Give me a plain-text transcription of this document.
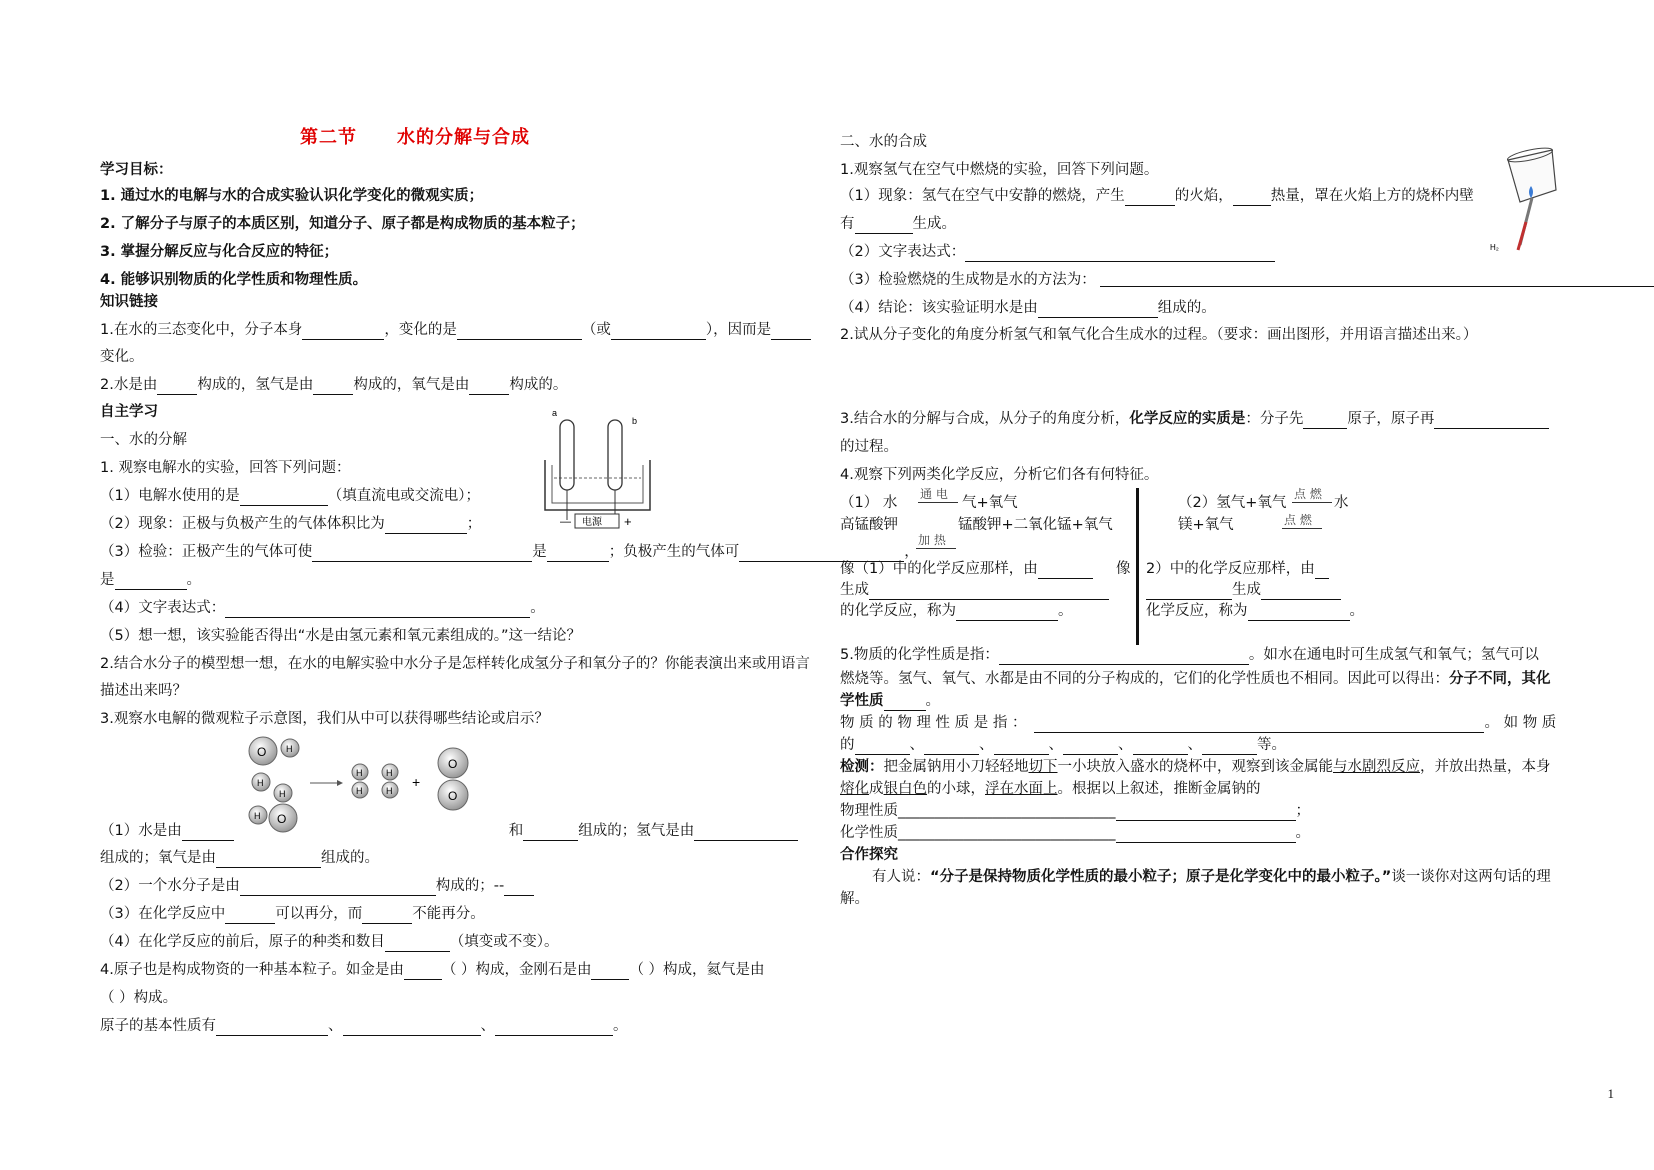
第二节 水的分解与合成
学习目标：
1. 通过水的电解与水的合成实验认识化学变化的微观实质；
2. 了解分子与原子的本质区别，知道分子、原子都是构成物质的基本粒子；
3. 掌握分解反应与化合反应的特征；
4. 能够识别物质的化学性质和物理性质。
知识链接
1.在水的三态变化中，分子本身	，变化的是	（或	），因而是
变化。
2.水是由	构成的，氢气是由	构成的，氧气是由	构成的。
自主学习
一、水的分解
1. 观察电解水的实验，回答下列问题：
（1）电解水使用的是	（填直流电或交流电）；
（2）现象：正极与负极产生的气体体积比为	；
（3）检验：正极产生的气体可使	是	；负极产生的气体可	，
是	。
（4）文字表达式：	。
（5）想一想，该实验能否得出“水是由氢元素和氧元素组成的。”这一结论？
2.结合水分子的模型想一想，在水的电解实验中水分子是怎样转化成氢分子和氧分子的？你能表演出来或用语言
描述出来吗？
3.观察水电解的微观粒子示意图，我们从中可以获得哪些结论或启示？
a
b
电源
—	+
O H
H
H
H O
H
H
H
H
+
O
O
（1）水是由	和	组成的；氢气是由
组成的；氧气是由	组成的。
（2）一个水分子是由	构成的；--
（3）在化学反应中	可以再分，而	不能再分。
（4）在化学反应的前后，原子的种类和数目	（填变或不变）。
4.原子也是构成物资的一种基本粒子。如金是由	（ ）构成，金刚石是由	（ ）构成，氦气是由
（ ）构成。
原子的基本性质有	、	、	。
二、水的合成
1.观察氢气在空气中燃烧的实验，回答下列问题。
（1）现象：氢气在空气中安静的燃烧，产生	的火焰，	热量，罩在火焰上方的烧杯内壁
有	生成。
（2）文字表达式：
（3）检验燃烧的生成物是水的方法为：
（4）结论：该实验证明水是由	组成的。
2.试从分子变化的角度分析氢气和氧气化合生成水的过程。（要求：画出图形，并用语言描述出来。）
H₂
3.结合水的分解与合成，从分子的角度分析，化学反应的实质是：分子先	原子，原子再
的过程。
4.观察下列两类化学反应，分析它们各有何特征。
（1） 水
通 电
气+氧气
高锰酸钾	锰酸钾+二氧化锰+氧气
加 热
（2）氢气+氧气
点 燃
水
镁+氧气	点 燃
像（1）中的化学反应那样，由	像
生成
的化学反应，称为	。
2）中的化学反应那样，由
生成
化学反应，称为	。
5.物质的化学性质是指：	。如水在通电时可生成氢气和氧气；氢气可以
燃烧等。氢气、氧气、水都是由不同的分子构成的，它们的化学性质也不相同。因此可以得出：分子不同，其化
学性质	。
物 质 的 物 理 性 质 是 指 ：	。 如 物 质
的	、	、	、	、	、	等。
检测：把金属钠用小刀轻轻地切下一小块放入盛水的烧杯中，观察到该金属能与水剧烈反应，并放出热量，本身
熔化成银白色的小球，浮在水面上。根据以上叙述，推断金属钠的
物理性质______________________________	；
化学性质______________________________	。
合作探究
有人说：“分子是保持物质化学性质的最小粒子；原子是化学变化中的最小粒子。”谈一谈你对这两句话的理
解。
1
